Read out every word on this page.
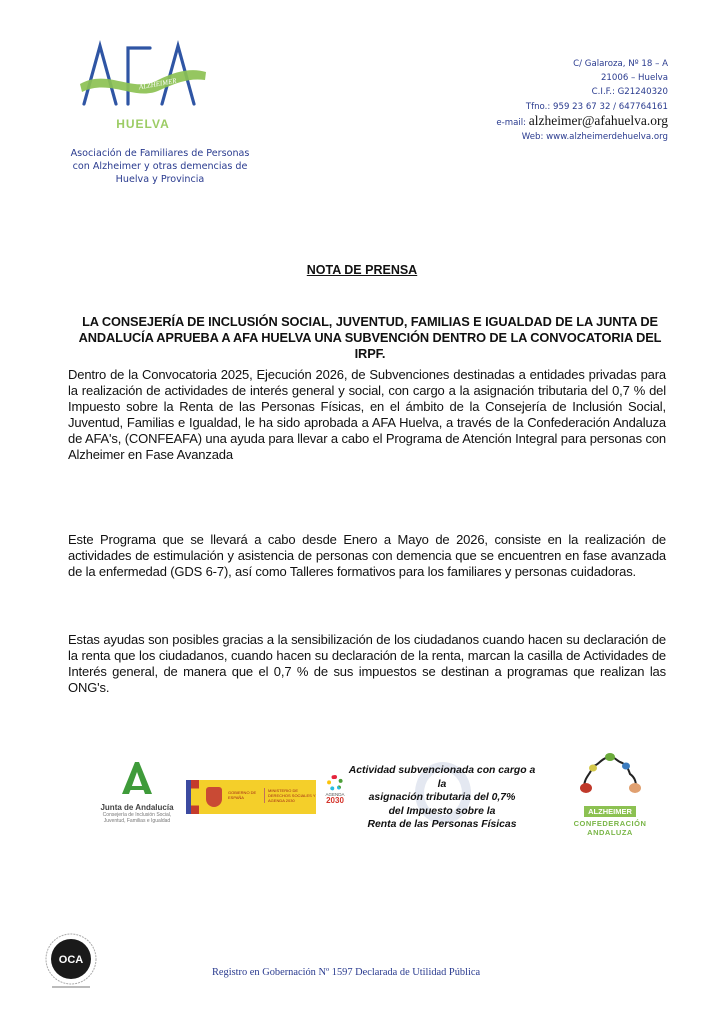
ALZHEIMER
HUELVA
Asociación de Familiares de Personas
con Alzheimer y otras demencias de
Huelva y Provincia
C/ Galaroza, Nº 18 – A
21006 – Huelva
C.I.F.: G21240320
Tfno.: 959 23 67 32 / 647764161
e-mail: alzheimer@afahuelva.org
Web: www.alzheimerdehuelva.org
NOTA DE PRENSA
LA CONSEJERÍA DE INCLUSIÓN SOCIAL, JUVENTUD, FAMILIAS E IGUALDAD DE LA JUNTA DE ANDALUCÍA APRUEBA A AFA HUELVA UNA SUBVENCIÓN DENTRO DE LA CONVOCATORIA DEL IRPF.
Dentro de la Convocatoria 2025, Ejecución 2026, de Subvenciones destinadas a entidades privadas para la realización de actividades de interés general y social, con cargo a la asignación tributaria del 0,7 % del Impuesto sobre la Renta de las Personas Físicas, en el ámbito de la Consejería de Inclusión Social, Juventud, Familias e Igualdad, le ha sido aprobada a AFA Huelva, a través de la Confederación Andaluza de AFA's, (CONFEAFA) una ayuda para llevar a cabo el Programa de Atención Integral para personas con Alzheimer en Fase Avanzada
Este Programa que se llevará a cabo desde Enero a Mayo de 2026, consiste en la realización de actividades de estimulación y asistencia de personas con demencia que se encuentren en fase avanzada de la enfermedad (GDS 6-7), así como Talleres formativos para los familiares y personas cuidadoras.
Estas ayudas son posibles gracias a la sensibilización de los ciudadanos cuando hacen su declaración de la renta que los ciudadanos, cuando hacen su declaración de la renta, marcan la casilla de Actividades de Interés general, de manera que el 0,7 % de sus impuestos se destinan a programas que realizan las ONG's.
Junta de Andalucía
Consejería de Inclusión Social, Juventud, Familias e Igualdad
GOBIERNO DE ESPAÑA
MINISTERIO DE DERECHOS SOCIALES Y AGENDA 2030
AGENDA
2030
Actividad subvencionada con cargo a la
asignación tributaria del 0,7%
del Impuesto sobre la
Renta de las Personas Físicas
ALZHEIMER
CONFEDERACIÓN
ANDALUZA
OCA
Registro en Gobernación Nº 1597 Declarada de Utilidad Pública
